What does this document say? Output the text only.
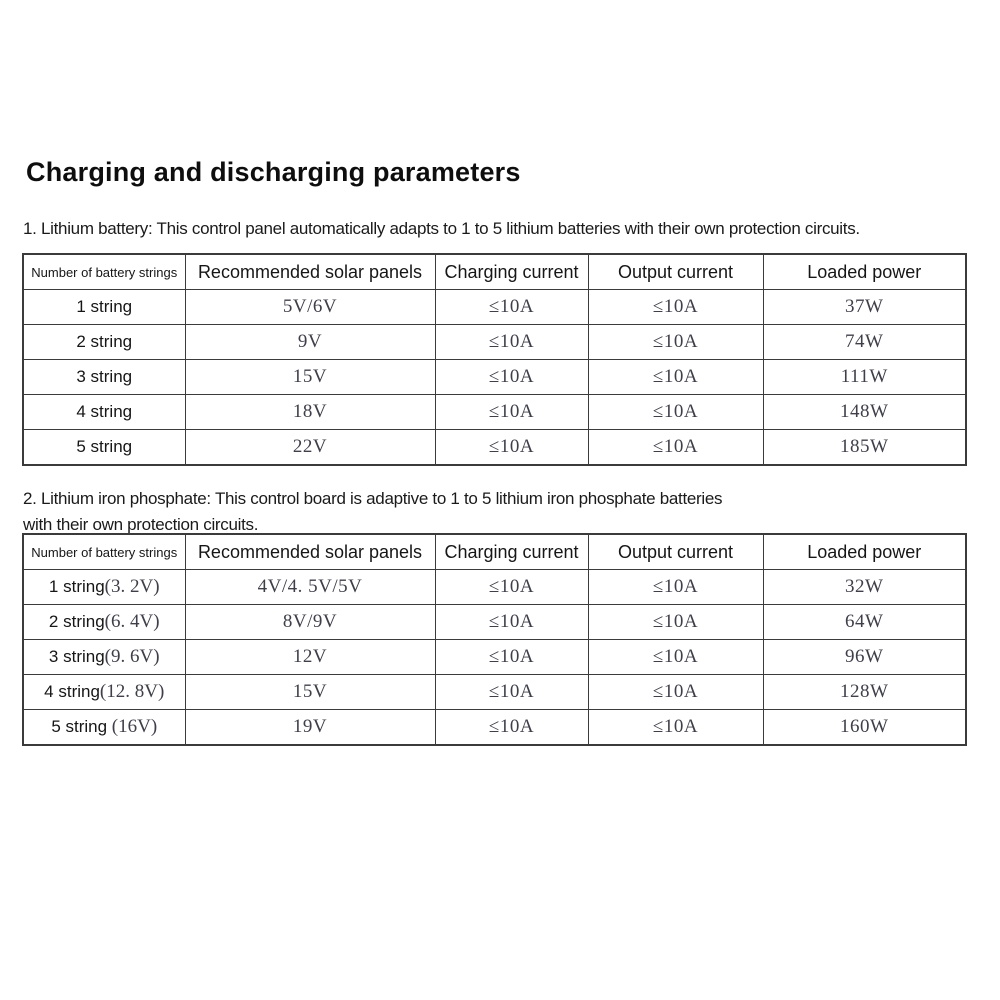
Charging and discharging parameters
1. Lithium battery: This control panel automatically adapts to 1 to 5 lithium batteries with their own protection circuits.
Number of battery strings	Recommended solar panels	Charging current	Output current	Loaded power
1 string	5V/6V	≤10A	≤10A	37W
2 string	9V	≤10A	≤10A	74W
3 string	15V	≤10A	≤10A	111W
4 string	18V	≤10A	≤10A	148W
5 string	22V	≤10A	≤10A	185W
2. Lithium iron phosphate: This control board is adaptive to 1 to 5 lithium iron phosphate batteries
with their own protection circuits.
Number of battery strings	Recommended solar panels	Charging current	Output current	Loaded power
1 string(3. 2V)	4V/4. 5V/5V	≤10A	≤10A	32W
2 string(6. 4V)	8V/9V	≤10A	≤10A	64W
3 string(9. 6V)	12V	≤10A	≤10A	96W
4 string(12. 8V)	15V	≤10A	≤10A	128W
5 string (16V)	19V	≤10A	≤10A	160W
